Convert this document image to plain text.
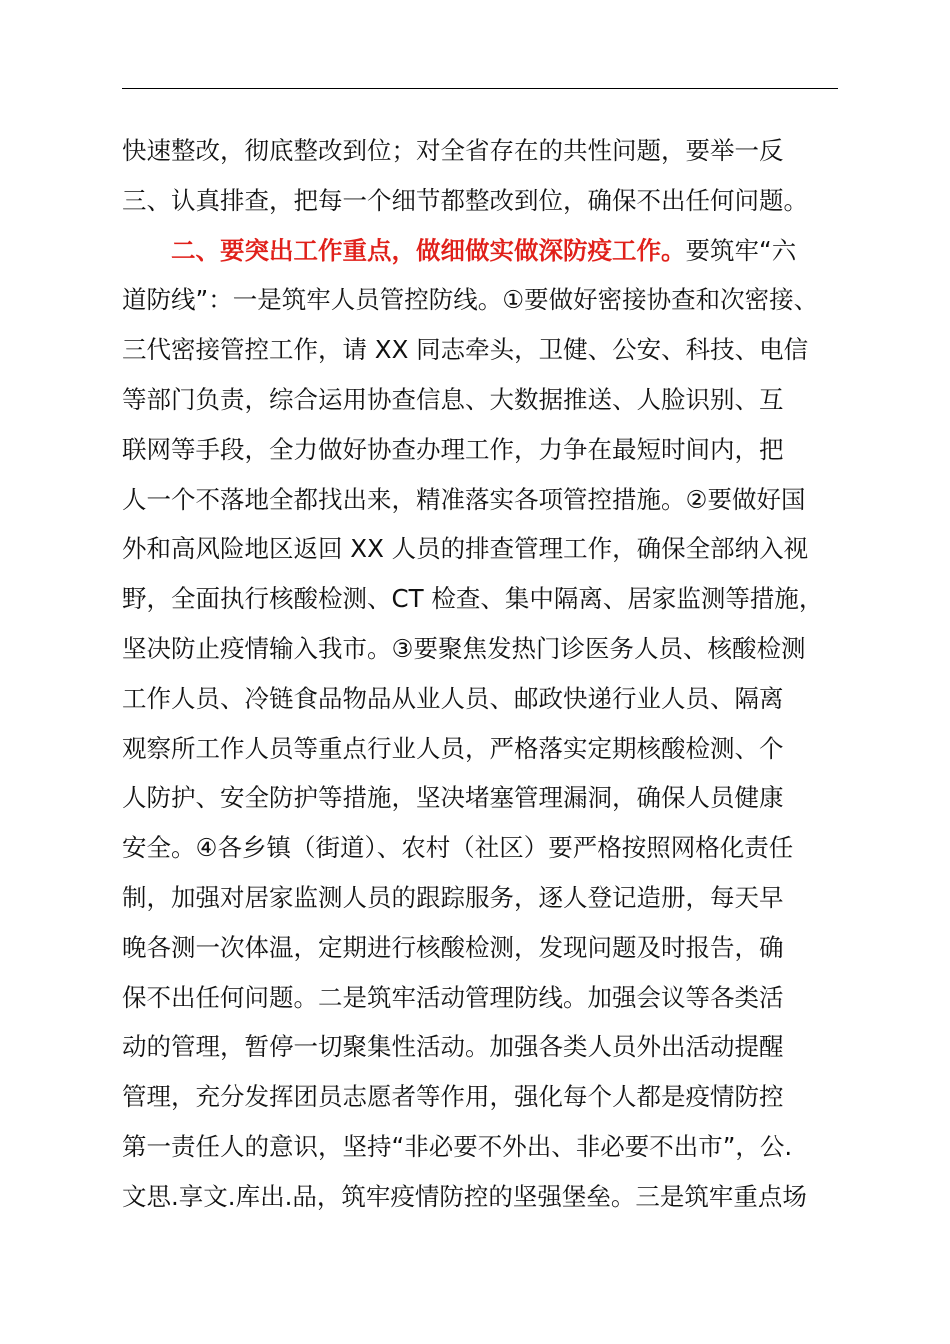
快速整改，彻底整改到位；对全省存在的共性问题，要举一反
三、认真排查，把每一个细节都整改到位，确保不出任何问题。
二、要突出工作重点，做细做实做深防疫工作。 要筑牢“六
道防线”：一是筑牢人员管控防线。①要做好密接协查和次密接、
三代密接管控工作，请 XX 同志牵头，卫健、公安、科技、电信
等部门负责，综合运用协查信息、大数据推送、人脸识别、互
联网等手段，全力做好协查办理工作，力争在最短时间内，把
人一个不落地全都找出来，精准落实各项管控措施。②要做好国
外和高风险地区返回 XX 人员的排查管理工作，确保全部纳入视
野，全面执行核酸检测、CT 检查、集中隔离、居家监测等措施，
坚决防止疫情输入我市。③要聚焦发热门诊医务人员、核酸检测
工作人员、冷链食品物品从业人员、邮政快递行业人员、隔离
观察所工作人员等重点行业人员，严格落实定期核酸检测、个
人防护、安全防护等措施，坚决堵塞管理漏洞，确保人员健康
安全。④各乡镇（街道）、农村（社区）要严格按照网格化责任
制，加强对居家监测人员的跟踪服务，逐人登记造册，每天早
晚各测一次体温，定期进行核酸检测，发现问题及时报告，确
保不出任何问题。二是筑牢活动管理防线。加强会议等各类活
动的管理，暂停一切聚集性活动。加强各类人员外出活动提醒
管理，充分发挥团员志愿者等作用，强化每个人都是疫情防控
第一责任人的意识，坚持“非必要不外出、非必要不出市”，公.
文思.享文.库出.品，筑牢疫情防控的坚强堡垒。三是筑牢重点场
